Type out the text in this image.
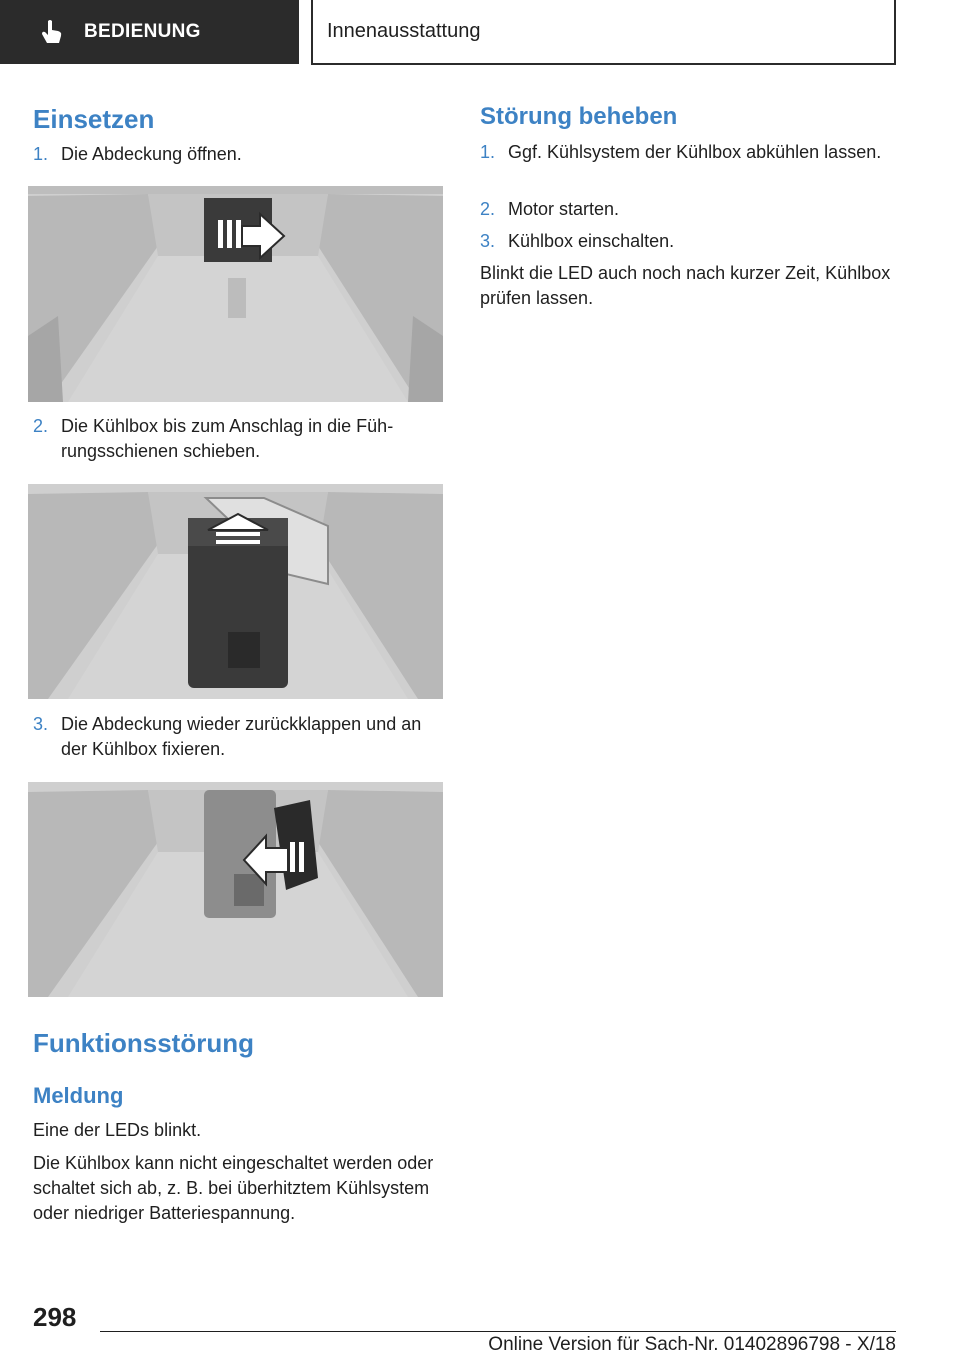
BEDIENUNG	Innenausstattung
Einsetzen
1. Die Abdeckung öffnen.
2. Die Kühlbox bis zum Anschlag in die Führungsschienen schieben.
3. Die Abdeckung wieder zurückklappen und an der Kühlbox fixieren.
Funktionsstörung
Meldung

Eine der LEDs blinkt.

Die Kühlbox kann nicht eingeschaltet werden oder schaltet sich ab, z. B. bei überhitztem Kühlsystem oder niedriger Batteriespannung.

Störung beheben
1. Ggf. Kühlsystem der Kühlbox abkühlen lassen.
2. Motor starten.
3. Kühlbox einschalten.

Blinkt die LED auch noch nach kurzer Zeit, Kühlbox prüfen lassen.

298
Online Version für Sach-Nr. 01402896798 - X/18
